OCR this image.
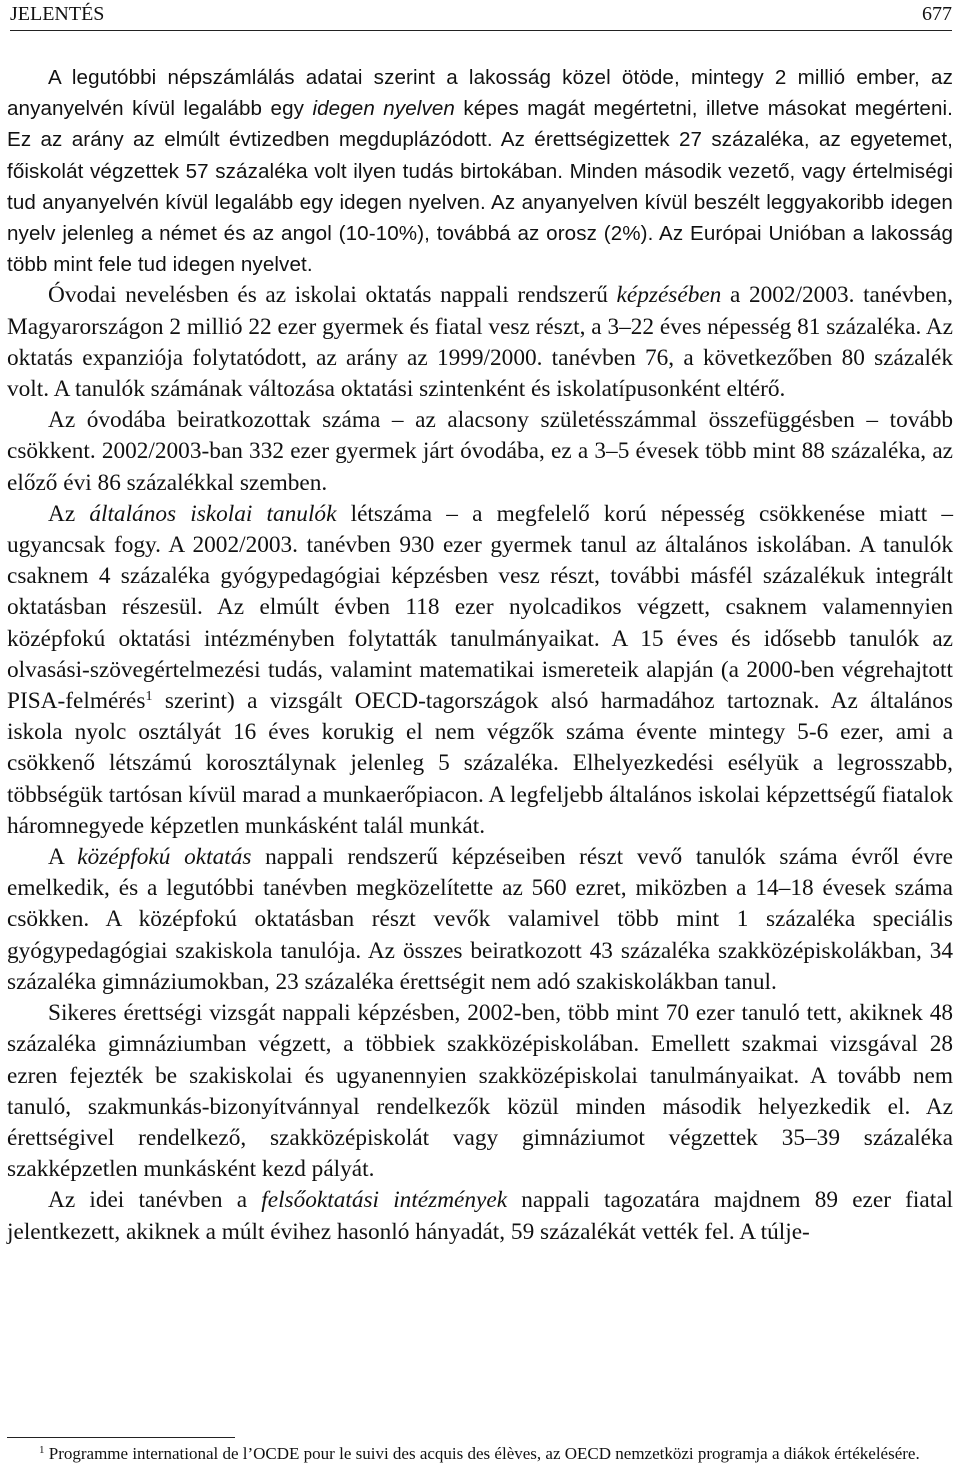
JELENTÉS	677

A legutóbbi népszámlálás adatai szerint a lakosság közel ötöde, mintegy 2 millió ember, az anyanyelvén kívül legalább egy idegen nyelven képes magát megértetni, illetve másokat megérteni. Ez az arány az elmúlt évtizedben megduplázódott. Az érettségizettek 27 százaléka, az egyetemet, főiskolát végzettek 57 százaléka volt ilyen tudás birtokában. Minden második vezető, vagy értelmiségi tud anyanyelvén kívül legalább egy idegen nyelven. Az anyanyelven kívül beszélt leggyakoribb idegen nyelv jelenleg a német és az angol (10-10%), továbbá az orosz (2%). Az Európai Unióban a lakosság több mint fele tud idegen nyelvet.

Óvodai nevelésben és az iskolai oktatás nappali rendszerű képzésében a 2002/2003. tanévben, Magyarországon 2 millió 22 ezer gyermek és fiatal vesz részt, a 3–22 éves népesség 81 százaléka. Az oktatás expanziója folytatódott, az arány az 1999/2000. tanévben 76, a következőben 80 százalék volt. A tanulók számának változása oktatási szintenként és iskolatípusonként eltérő.

Az óvodába beiratkozottak száma – az alacsony születésszámmal összefüggésben – tovább csökkent. 2002/2003-ban 332 ezer gyermek járt óvodába, ez a 3–5 évesek több mint 88 százaléka, az előző évi 86 százalékkal szemben.

Az általános iskolai tanulók létszáma – a megfelelő korú népesség csökkenése miatt – ugyancsak fogy. A 2002/2003. tanévben 930 ezer gyermek tanul az általános iskolában. A tanulók csaknem 4 százaléka gyógypedagógiai képzésben vesz részt, további másfél százalékuk integrált oktatásban részesül. Az elmúlt évben 118 ezer nyolcadikos végzett, csaknem valamennyien középfokú oktatási intézményben folytatták tanulmányaikat. A 15 éves és idősebb tanulók az olvasási-szövegértelmezési tudás, valamint matematikai ismereteik alapján (a 2000-ben végrehajtott PISA-felmérés$^1$ szerint) a vizsgált OECD-tagországok alsó harmadához tartoznak. Az általános iskola nyolc osztályát 16 éves korukig el nem végzők száma évente mintegy 5-6 ezer, ami a csökkenő létszámú korosztálynak jelenleg 5 százaléka. Elhelyezkedési esélyük a legrosszabb, többségük tartósan kívül marad a munkaerőpiacon. A legfeljebb általános iskolai képzettségű fiatalok háromnegyede képzetlen munkásként talál munkát.

A középfokú oktatás nappali rendszerű képzéseiben részt vevő tanulók száma évről évre emelkedik, és a legutóbbi tanévben megközelítette az 560 ezret, miközben a 14–18 évesek száma csökken. A középfokú oktatásban részt vevők valamivel több mint 1 százaléka speciális gyógypedagógiai szakiskola tanulója. Az összes beiratkozott 43 százaléka szakközépiskolákban, 34 százaléka gimnáziumokban, 23 százaléka érettségit nem adó szakiskolákban tanul.

Sikeres érettségi vizsgát nappali képzésben, 2002-ben, több mint 70 ezer tanuló tett, akiknek 48 százaléka gimnáziumban végzett, a többiek szakközépiskolában. Emellett szakmai vizsgával 28 ezren fejezték be szakiskolai és ugyanennyien szakközépiskolai tanulmányaikat. A tovább nem tanuló, szakmunkás-bizonyítvánnyal rendelkezők közül minden második helyezkedik el. Az érettségivel rendelkező, szakközépiskolát vagy gimnáziumot végzettek 35–39 százaléka szakképzetlen munkásként kezd pályát.

Az idei tanévben a felsőoktatási intézmények nappali tagozatára majdnem 89 ezer fiatal jelentkezett, akiknek a múlt évihez hasonló hányadát, 59 százalékát vették fel. A túlje-

$^1$ Programme international de l’OCDE pour le suivi des acquis des élèves, az OECD nemzetközi programja a diákok értékelésére.
